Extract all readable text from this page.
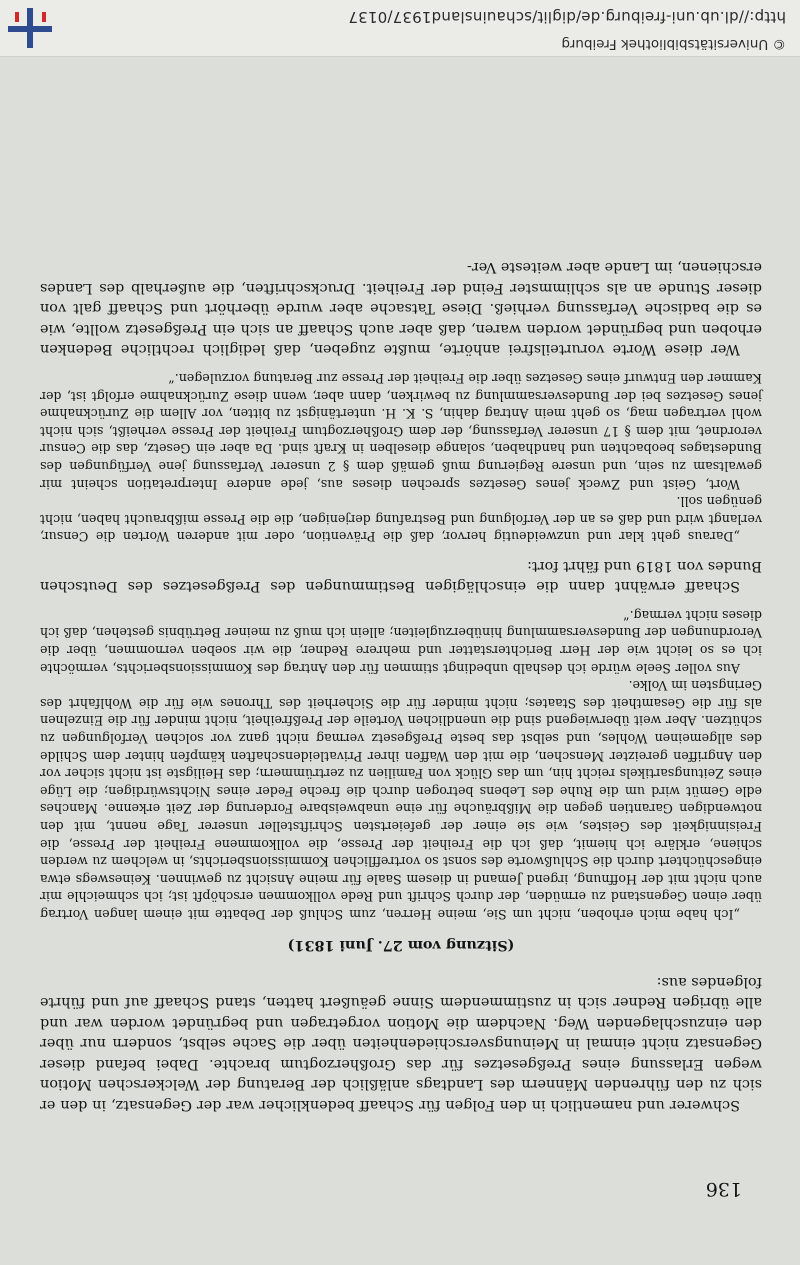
136

Schwerer und namentlich in den Folgen für Schaaff bedenklicher war der Gegensatz, in den er sich zu den führenden Männern des Landtags anläßlich der Beratung der Welckerschen Motion wegen Erlassung eines Preßgesetzes für das Großherzogtum brachte. Dabei befand dieser Gegensatz nicht einmal in Meinungsverschiedenheiten über die Sache selbst, sondern nur über den einzuschlagenden Weg. Nachdem die Motion vorgetragen und begründet worden war und alle übrigen Redner sich in zustimmendem Sinne geäußert hatten, stand Schaaff auf und führte folgendes aus:

(Sitzung vom 27. Juni 1831)

„Ich habe mich erhoben, nicht um Sie, meine Herren, zum Schluß der Debatte mit einem langen Vortrag über einen Gegenstand zu ermüden, der durch Schrift und Rede vollkommen erschöpft ist; ich schmeichle mir auch nicht mit der Hoffnung, irgend Jemand in diesem Saale für meine Ansicht zu gewinnen. Keineswegs etwa eingeschüchtert durch die Schlußworte des sonst so vortrefflichen Kommissionsberichts, in welchem zu werden schiene, erkläre ich hiemit, daß ich die Freiheit der Presse, die vollkommene Freiheit der Presse, die Freisinnigkeit des Geistes, wie sie einer der gefeiertsten Schriftsteller unserer Tage nennt, mit den notwendigen Garantien gegen die Mißbräuche für eine unabweisbare Forderung der Zeit erkenne. Manches edle Gemüt wird um die Ruhe des Lebens betrogen durch die freche Feder eines Nichtswürdigen; die Lüge eines Zeitungsartikels reicht hin, um das Glück von Familien zu zertrümmern; das Heiligste ist nicht sicher vor den Angriffen gereizter Menschen, die mit den Waffen ihrer Privatleidenschaften kämpfen hinter dem Schilde des allgemeinen Wohles, und selbst das beste Preßgesetz vermag nicht ganz vor solchen Verfolgungen zu schützen. Aber weit überwiegend sind die unendlichen Vorteile der Preßfreiheit, nicht minder für die Einzelnen als für die Gesamtheit des Staates; nicht minder für die Sicherheit des Thrones wie für die Wohlfahrt des Geringsten im Volke.

Aus voller Seele würde ich deshalb unbedingt stimmen für den Antrag des Kommissionsberichts, vermöchte ich es so leicht wie der Herr Berichterstatter und mehrere Redner, die wir soeben vernommen, über die Verordnungen der Bundesversammlung hinüberzugleiten; allein ich muß zu meiner Betrübnis gestehen, daß ich dieses nicht vermag.“

Schaaff erwähnt dann die einschlägigen Bestimmungen des Preßgesetzes des Deutschen Bundes von 1819 und fährt fort:

„Daraus geht klar und unzweideutig hervor, daß die Prävention, oder mit anderen Worten die Censur, verlangt wird und daß es an der Verfolgung und Bestrafung derjenigen, die die Presse mißbraucht haben, nicht genügen soll.

Wort, Geist und Zweck jenes Gesetzes sprechen dieses aus, jede andere Interpretation scheint mir gewaltsam zu sein, und unsere Regierung muß gemäß dem § 2 unserer Verfassung jene Verfügungen des Bundestages beobachten und handhaben, solange dieselben in Kraft sind. Da aber ein Gesetz, das die Censur verordnet, mit dem § 17 unserer Verfassung, der dem Großherzogtum Freiheit der Presse verheißt, sich nicht wohl vertragen mag, so geht mein Antrag dahin, S. K. H. untertänigst zu bitten, vor Allem die Zurücknahme jenes Gesetzes bei der Bundesversammlung zu bewirken, dann aber, wenn diese Zurücknahme erfolgt ist, der Kammer den Entwurf eines Gesetzes über die Freiheit der Presse zur Beratung vorzulegen.“

Wer diese Worte vorurteilsfrei anhörte, mußte zugeben, daß lediglich rechtliche Bedenken erhoben und begründet worden waren, daß aber auch Schaaff an sich ein Preßgesetz wollte, wie es die badische Verfassung verhieß. Diese Tatsache aber wurde überhört und Schaaff galt von dieser Stunde an als schlimmster Feind der Freiheit. Druckschriften, die außerhalb des Landes erschienen, im Lande aber weiteste Ver-

© Universitätsbibliothek Freiburg
http://dl.ub.uni-freiburg.de/diglit/schauinsland1937/0137
